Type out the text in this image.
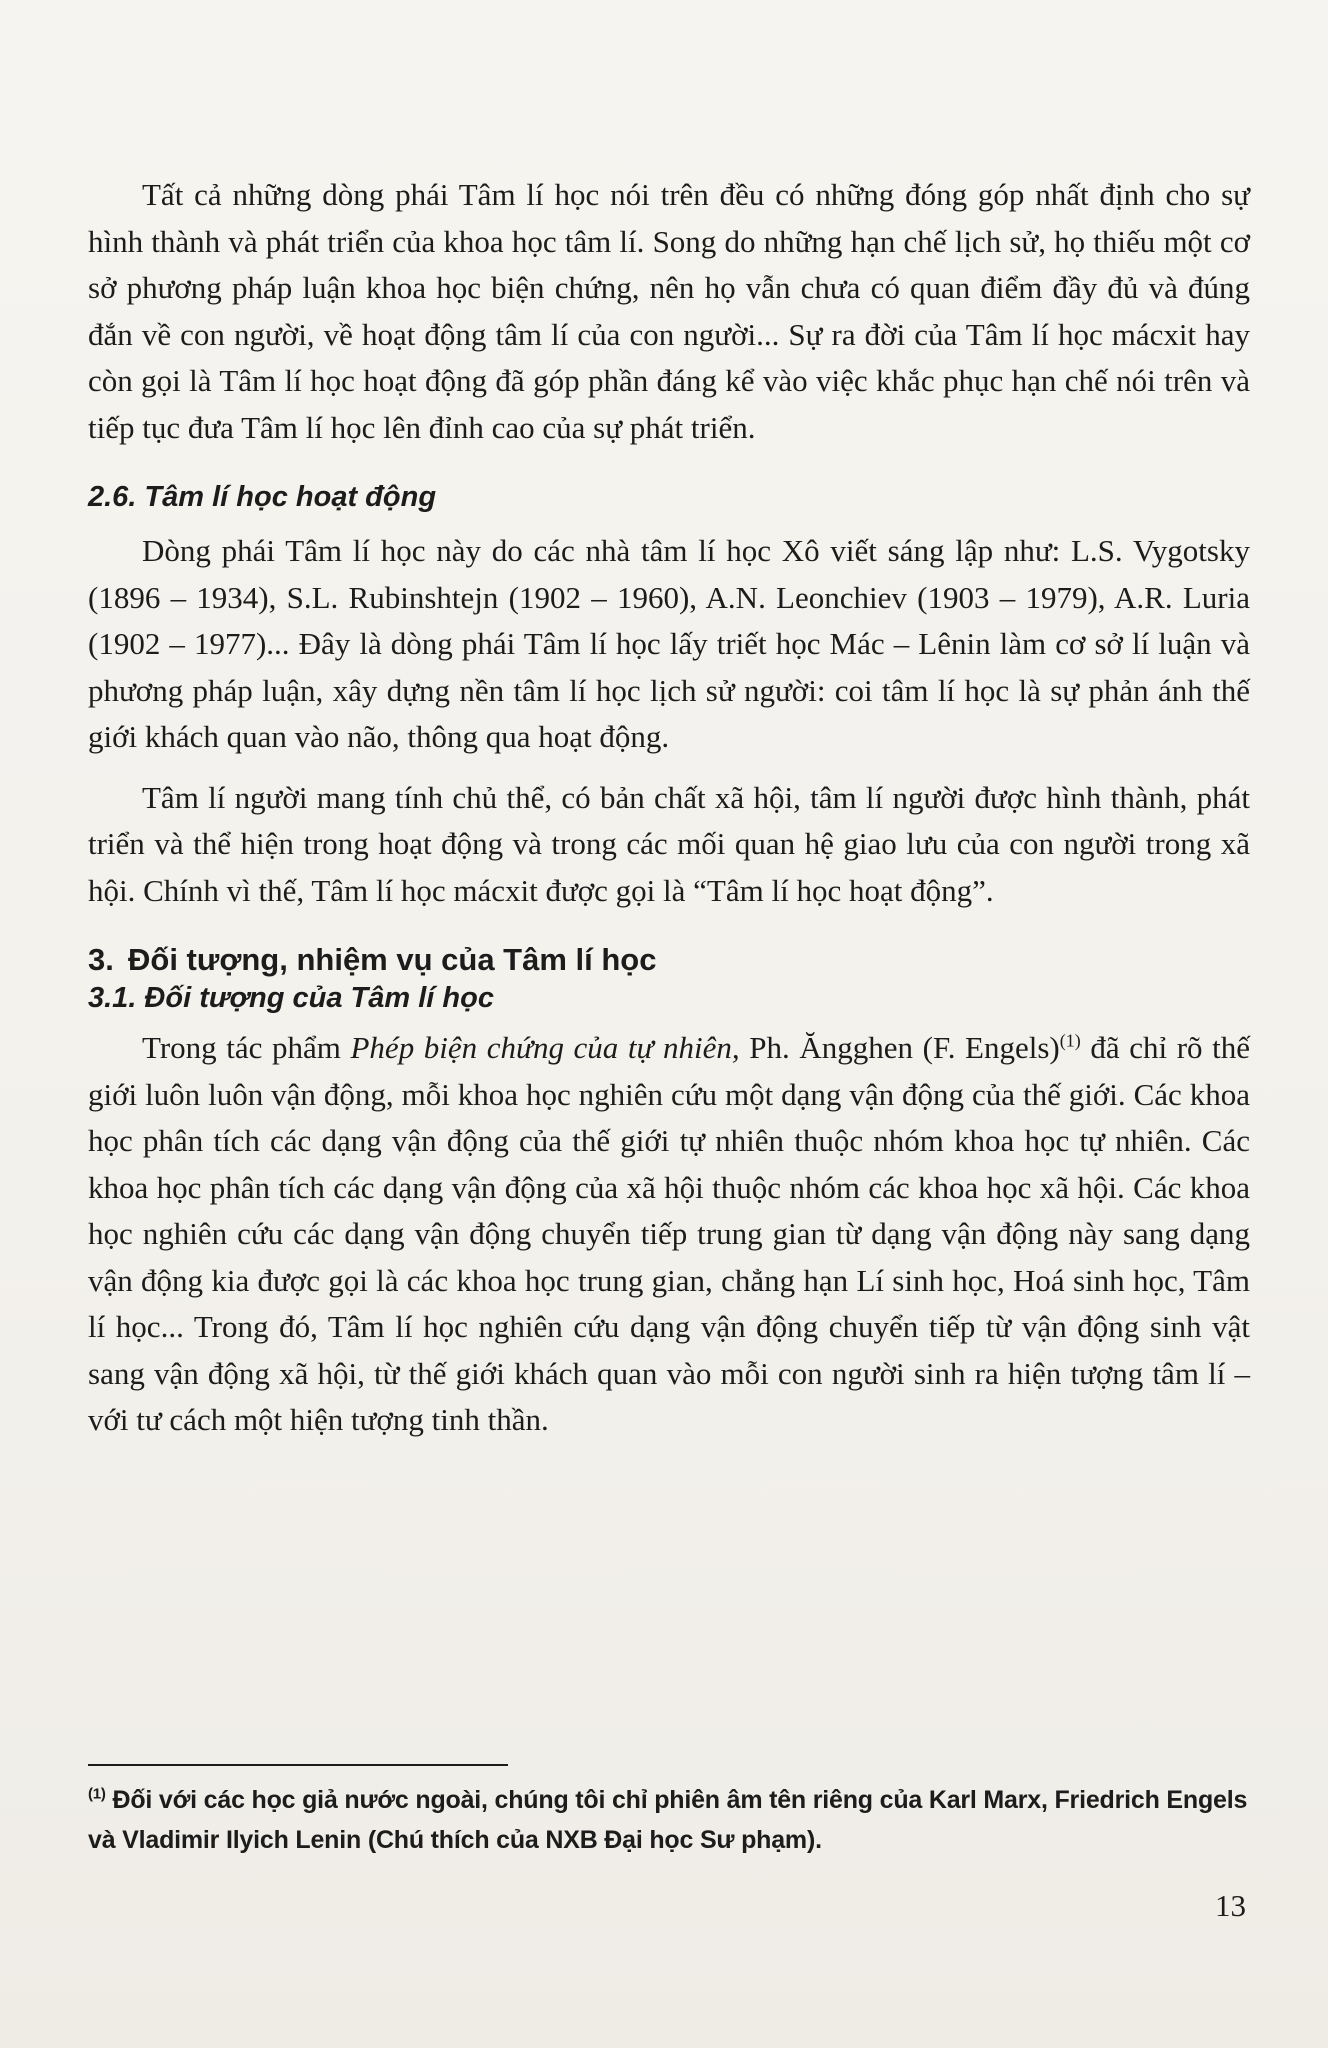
Tất cả những dòng phái Tâm lí học nói trên đều có những đóng góp nhất định cho sự hình thành và phát triển của khoa học tâm lí. Song do những hạn chế lịch sử, họ thiếu một cơ sở phương pháp luận khoa học biện chứng, nên họ vẫn chưa có quan điểm đầy đủ và đúng đắn về con người, về hoạt động tâm lí của con người... Sự ra đời của Tâm lí học mácxit hay còn gọi là Tâm lí học hoạt động đã góp phần đáng kể vào việc khắc phục hạn chế nói trên và tiếp tục đưa Tâm lí học lên đỉnh cao của sự phát triển.

2.6. Tâm lí học hoạt động

Dòng phái Tâm lí học này do các nhà tâm lí học Xô viết sáng lập như: L.S. Vygotsky (1896 – 1934), S.L. Rubinshtejn (1902 – 1960), A.N. Leonchiev (1903 – 1979), A.R. Luria (1902 – 1977)... Đây là dòng phái Tâm lí học lấy triết học Mác – Lênin làm cơ sở lí luận và phương pháp luận, xây dựng nền tâm lí học lịch sử người: coi tâm lí học là sự phản ánh thế giới khách quan vào não, thông qua hoạt động.

Tâm lí người mang tính chủ thể, có bản chất xã hội, tâm lí người được hình thành, phát triển và thể hiện trong hoạt động và trong các mối quan hệ giao lưu của con người trong xã hội. Chính vì thế, Tâm lí học mácxit được gọi là “Tâm lí học hoạt động”.

3. Đối tượng, nhiệm vụ của Tâm lí học

3.1. Đối tượng của Tâm lí học

Trong tác phẩm Phép biện chứng của tự nhiên, Ph. Ăngghen (F. Engels)$^{(1)}$ đã chỉ rõ thế giới luôn luôn vận động, mỗi khoa học nghiên cứu một dạng vận động của thế giới. Các khoa học phân tích các dạng vận động của thế giới tự nhiên thuộc nhóm khoa học tự nhiên. Các khoa học phân tích các dạng vận động của xã hội thuộc nhóm các khoa học xã hội. Các khoa học nghiên cứu các dạng vận động chuyển tiếp trung gian từ dạng vận động này sang dạng vận động kia được gọi là các khoa học trung gian, chẳng hạn Lí sinh học, Hoá sinh học, Tâm lí học... Trong đó, Tâm lí học nghiên cứu dạng vận động chuyển tiếp từ vận động sinh vật sang vận động xã hội, từ thế giới khách quan vào mỗi con người sinh ra hiện tượng tâm lí – với tư cách một hiện tượng tinh thần.

$^{(1)}$ Đối với các học giả nước ngoài, chúng tôi chỉ phiên âm tên riêng của Karl Marx, Friedrich Engels và Vladimir Ilyich Lenin (Chú thích của NXB Đại học Sư phạm).

13
